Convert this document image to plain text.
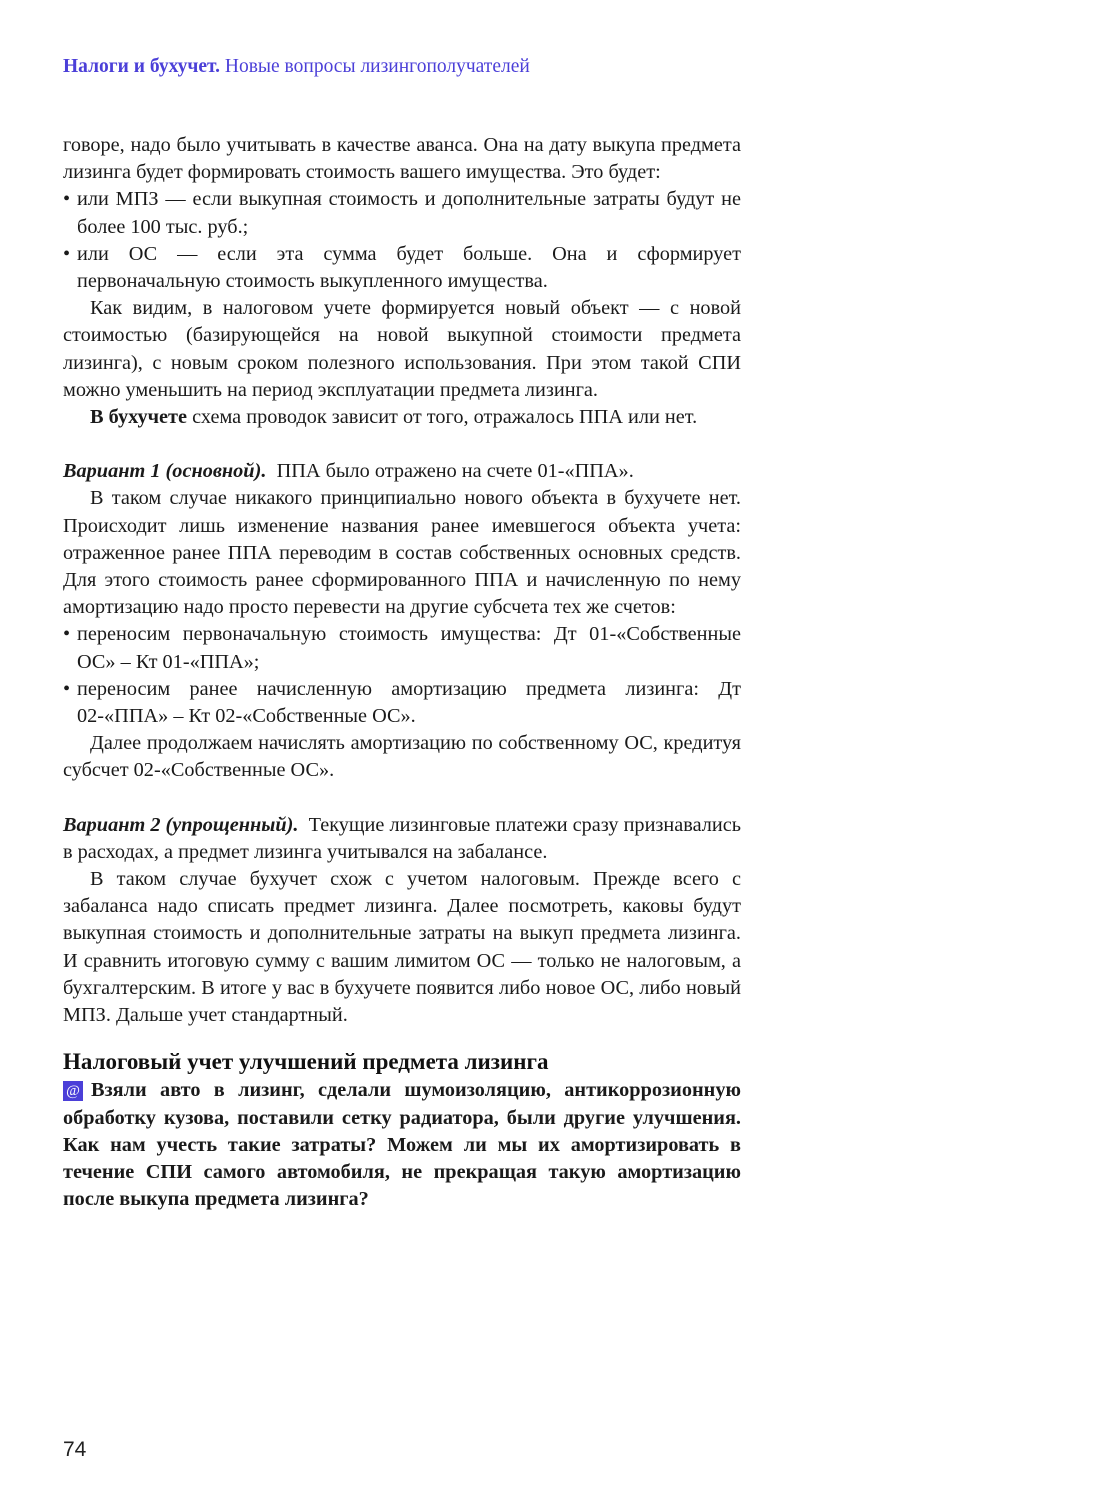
Налоги и бухучет. Новые вопросы лизингополучателей

говоре, надо было учитывать в качестве аванса. Она на дату выкупа предмета лизинга будет формировать стоимость вашего имущества. Это будет:

• или МПЗ — если выкупная стоимость и дополнительные затраты будут не более 100 тыс. руб.;
• или ОС — если эта сумма будет больше. Она и сформирует первоначальную стоимость выкупленного имущества.

Как видим, в налоговом учете формируется новый объект — с новой стоимостью (базирующейся на новой выкупной стоимости предмета лизинга), с новым сроком полезного использования. При этом такой СПИ можно уменьшить на период эксплуатации предмета лизинга.

В бухучете схема проводок зависит от того, отражалось ППА или нет.

Вариант 1 (основной). ППА было отражено на счете 01-«ППА».

В таком случае никакого принципиально нового объекта в бухучете нет. Происходит лишь изменение названия ранее имевшегося объекта учета: отраженное ранее ППА переводим в состав собственных основных средств. Для этого стоимость ранее сформированного ППА и начисленную по нему амортизацию надо просто перевести на другие субсчета тех же счетов:

• переносим первоначальную стоимость имущества: Дт 01-«Собственные ОС» – Кт 01-«ППА»;
• переносим ранее начисленную амортизацию предмета лизинга: Дт 02-«ППА» – Кт 02-«Собственные ОС».

Далее продолжаем начислять амортизацию по собственному ОС, кредитуя субсчет 02-«Собственные ОС».

Вариант 2 (упрощенный). Текущие лизинговые платежи сразу признавались в расходах, а предмет лизинга учитывался на забалансе.

В таком случае бухучет схож с учетом налоговым. Прежде всего с забаланса надо списать предмет лизинга. Далее посмотреть, каковы будут выкупная стоимость и дополнительные затраты на выкуп предмета лизинга. И сравнить итоговую сумму с вашим лимитом ОС — только не налоговым, а бухгалтерским. В итоге у вас в бухучете появится либо новое ОС, либо новый МПЗ. Дальше учет стандартный.

Налоговый учет улучшений предмета лизинга

@ Взяли авто в лизинг, сделали шумоизоляцию, антикоррозионную обработку кузова, поставили сетку радиатора, были другие улучшения. Как нам учесть такие затраты? Можем ли мы их амортизировать в течение СПИ самого автомобиля, не прекращая такую амортизацию после выкупа предмета лизинга?

74
